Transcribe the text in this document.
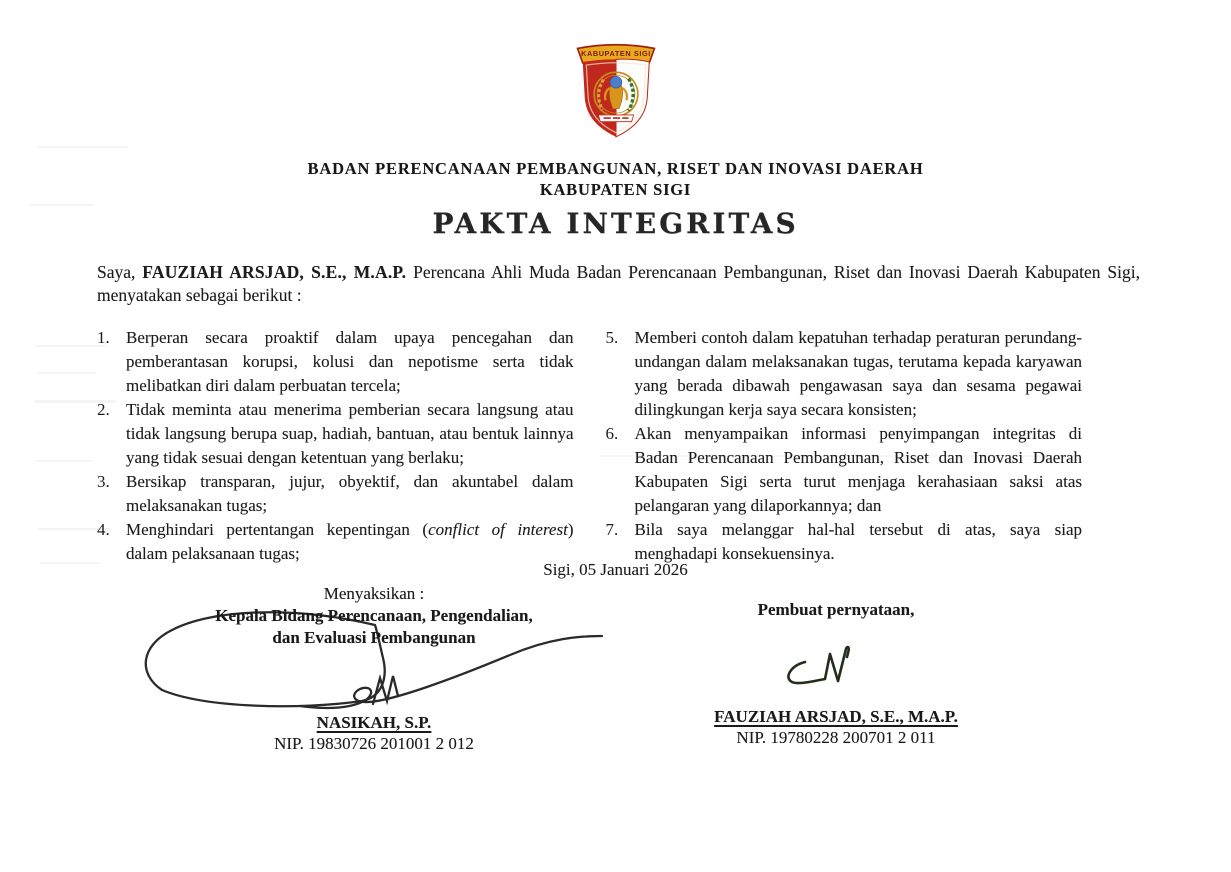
KABUPATEN SIGI
BADAN PERENCANAAN PEMBANGUNAN, RISET DAN INOVASI DAERAH
KABUPATEN SIGI
PAKTA INTEGRITAS

Saya, FAUZIAH ARSJAD, S.E., M.A.P. Perencana Ahli Muda Badan Perencanaan Pembangunan, Riset dan Inovasi Daerah Kabupaten Sigi, menyatakan sebagai berikut :

1. Berperan secara proaktif dalam upaya pencegahan dan pemberantasan korupsi, kolusi dan nepotisme serta tidak melibatkan diri dalam perbuatan tercela;
2. Tidak meminta atau menerima pemberian secara langsung atau tidak langsung berupa suap, hadiah, bantuan, atau bentuk lainnya yang tidak sesuai dengan ketentuan yang berlaku;
3. Bersikap transparan, jujur, obyektif, dan akuntabel dalam melaksanakan tugas;
4. Menghindari pertentangan kepentingan (conflict of interest) dalam pelaksanaan tugas;
5. Memberi contoh dalam kepatuhan terhadap peraturan perundang-undangan dalam melaksanakan tugas, terutama kepada karyawan yang berada dibawah pengawasan saya dan sesama pegawai dilingkungan kerja saya secara konsisten;
6. Akan menyampaikan informasi penyimpangan integritas di Badan Perencanaan Pembangunan, Riset dan Inovasi Daerah Kabupaten Sigi serta turut menjaga kerahasiaan saksi atas pelangaran yang dilaporkannya; dan
7. Bila saya melanggar hal-hal tersebut di atas, saya siap menghadapi konsekuensinya.
Sigi, 05 Januari 2026
Menyaksikan :
Kepala Bidang Perencanaan, Pengendalian,
dan Evaluasi Pembangunan
NASIKAH, S.P.
NIP. 19830726 201001 2 012
Pembuat pernyataan,
FAUZIAH ARSJAD, S.E., M.A.P.
NIP. 19780228 200701 2 011
